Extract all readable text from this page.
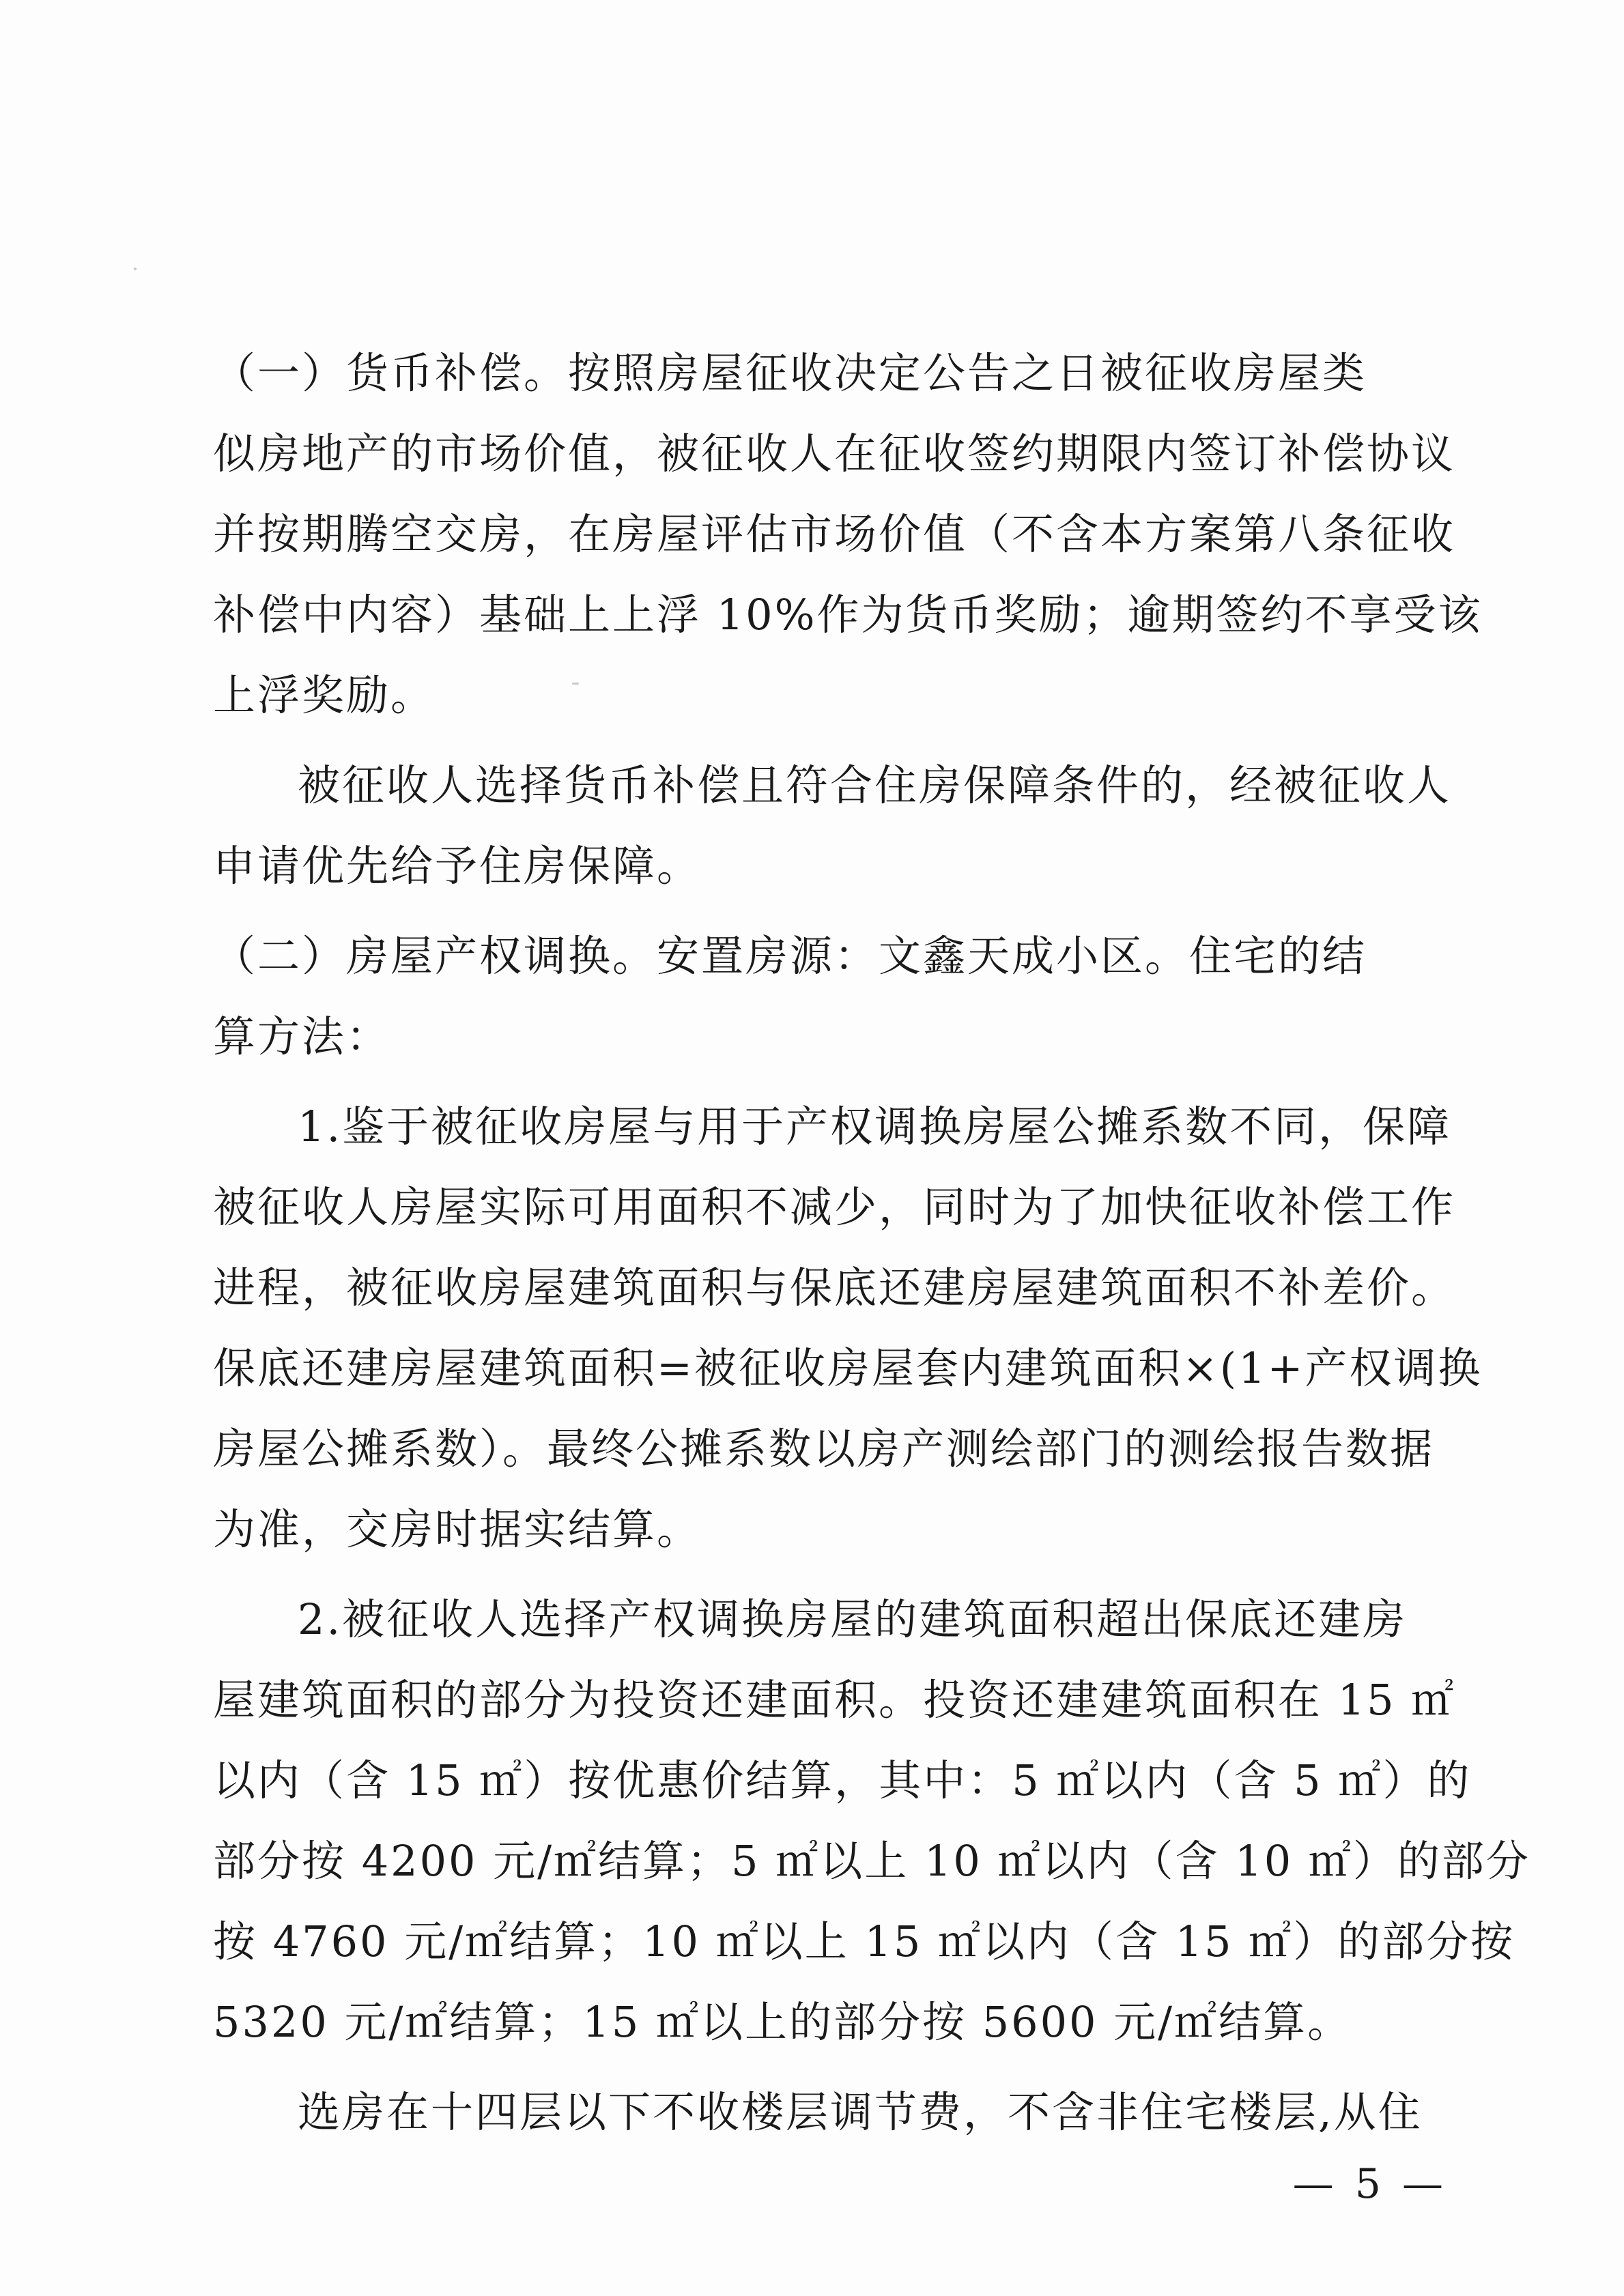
（一）货币补偿。按照房屋征收决定公告之日被征收房屋类
似房地产的市场价值，被征收人在征收签约期限内签订补偿协议
并按期腾空交房，在房屋评估市场价值（不含本方案第八条征收
补偿中内容）基础上上浮 10%作为货币奖励；逾期签约不享受该
上浮奖励。
被征收人选择货币补偿且符合住房保障条件的，经被征收人
申请优先给予住房保障。
（二）房屋产权调换。安置房源：文鑫天成小区。住宅的结
算方法：
1.鉴于被征收房屋与用于产权调换房屋公摊系数不同，保障
被征收人房屋实际可用面积不减少，同时为了加快征收补偿工作
进程，被征收房屋建筑面积与保底还建房屋建筑面积不补差价。
保底还建房屋建筑面积=被征收房屋套内建筑面积×(1+产权调换
房屋公摊系数）。最终公摊系数以房产测绘部门的测绘报告数据
为准，交房时据实结算。
2.被征收人选择产权调换房屋的建筑面积超出保底还建房
屋建筑面积的部分为投资还建面积。投资还建建筑面积在 15 ㎡
以内（含 15 ㎡）按优惠价结算，其中：5 ㎡以内（含 5 ㎡）的
部分按 4200 元/㎡结算；5 ㎡以上 10 ㎡以内（含 10 ㎡）的部分
按 4760 元/㎡结算；10 ㎡以上 15 ㎡以内（含 15 ㎡）的部分按
5320 元/㎡结算；15 ㎡以上的部分按 5600 元/㎡结算。
选房在十四层以下不收楼层调节费，不含非住宅楼层,从住
— 5 —
